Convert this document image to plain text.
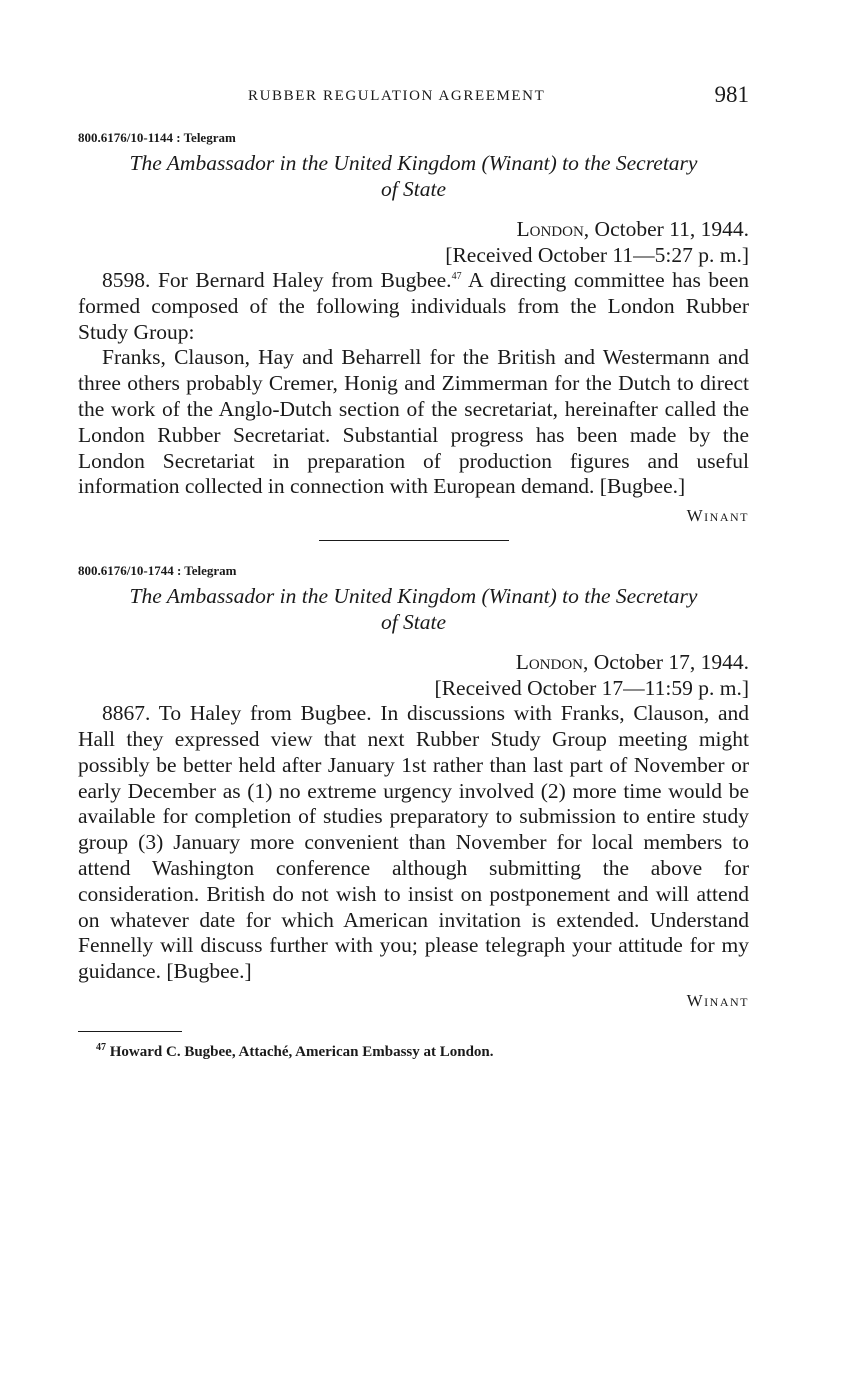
RUBBER REGULATION AGREEMENT	981
800.6176/10-1144 : Telegram
The Ambassador in the United Kingdom (Winant) to the Secretary
of State
London, October 11, 1944.
[Received October 11—5:27 p. m.]

8598. For Bernard Haley from Bugbee.$^{47}$ A directing committee has been formed composed of the following individuals from the London Rubber Study Group:

Franks, Clauson, Hay and Beharrell for the British and Westermann and three others probably Cremer, Honig and Zimmerman for the Dutch to direct the work of the Anglo-Dutch section of the secretariat, hereinafter called the London Rubber Secretariat. Substantial progress has been made by the London Secretariat in preparation of production figures and useful information collected in connection with European demand. [Bugbee.]

Winant
800.6176/10-1744 : Telegram
The Ambassador in the United Kingdom (Winant) to the Secretary
of State
London, October 17, 1944.
[Received October 17—11:59 p. m.]

8867. To Haley from Bugbee. In discussions with Franks, Clauson, and Hall they expressed view that next Rubber Study Group meeting might possibly be better held after January 1st rather than last part of November or early December as (1) no extreme urgency involved (2) more time would be available for completion of studies preparatory to submission to entire study group (3) January more convenient than November for local members to attend Washington conference although submitting the above for consideration. British do not wish to insist on postponement and will attend on whatever date for which American invitation is extended. Understand Fennelly will discuss further with you; please telegraph your attitude for my guidance. [Bugbee.]

Winant
$^{47}$ Howard C. Bugbee, Attaché, American Embassy at London.
